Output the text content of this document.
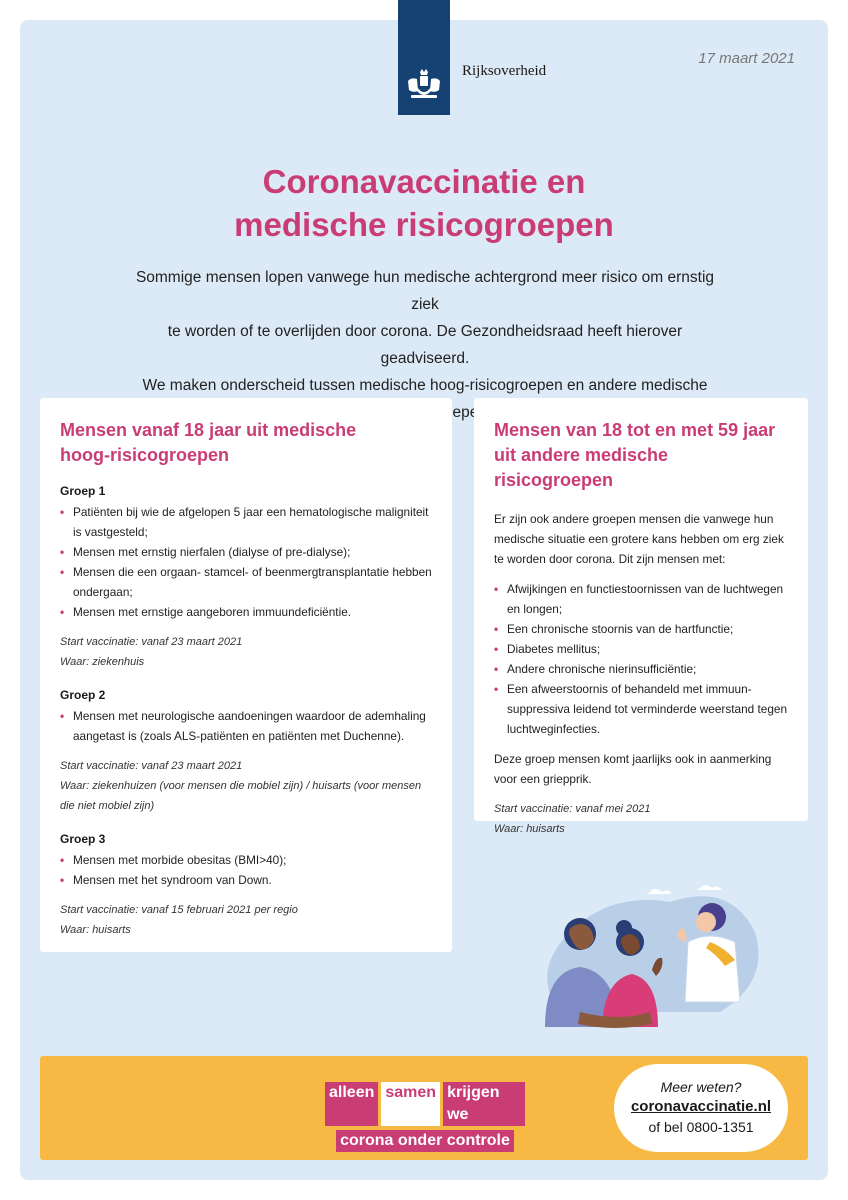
Rijksoverheid
17 maart 2021
Coronavaccinatie en
medische risicogroepen
Sommige mensen lopen vanwege hun medische achtergrond meer risico om ernstig ziek
te worden of te overlijden door corona. De Gezondheidsraad heeft hierover geadviseerd.
We maken onderscheid tussen medische hoog-risicogroepen en andere medische
Mensen vanaf 18 jaar uit medische
hoog-risicogroepen
Groep 1
• Patiënten bij wie de afgelopen 5 jaar een hematologische maligniteit is vastgesteld;
• Mensen met ernstig nierfalen (dialyse of pre-dialyse);
• Mensen die een orgaan- stamcel- of beenmergtransplantatie hebben ondergaan;
• Mensen met ernstige aangeboren immuundeficiëntie.
Start vaccinatie: vanaf 23 maart 2021
Waar: ziekenhuis
Groep 2
• Mensen met neurologische aandoeningen waardoor de ademhaling aangetast is (zoals ALS-patiënten en patiënten met Duchenne).
Start vaccinatie: vanaf 23 maart 2021
Waar: ziekenhuizen (voor mensen die mobiel zijn) / huisarts (voor mensen die niet mobiel zijn)
Groep 3
• Mensen met morbide obesitas (BMI>40);
• Mensen met het syndroom van Down.
Start vaccinatie: vanaf 15 februari 2021 per regio
Waar: huisarts
Mensen van 18 tot en met 59 jaar
uit andere medische risicogroepen
Er zijn ook andere groepen mensen die vanwege hun medische situatie een grotere kans hebben om erg ziek te worden door corona. Dit zijn mensen met:
• Afwijkingen en functiestoornissen van de luchtwegen en longen;
• Een chronische stoornis van de hartfunctie;
• Diabetes mellitus;
• Andere chronische nierinsufficiëntie;
• Een afweerstoornis of behandeld met immuun-suppressiva leidend tot verminderde weerstand tegen luchtweginfecties.
Deze groep mensen komt jaarlijks ook in aanmerking voor een griepprik.
Start vaccinatie: vanaf mei 2021
Waar: huisarts
alleen samen krijgen we
corona onder controle
Meer weten?
coronavaccinatie.nl
of bel 0800-1351
